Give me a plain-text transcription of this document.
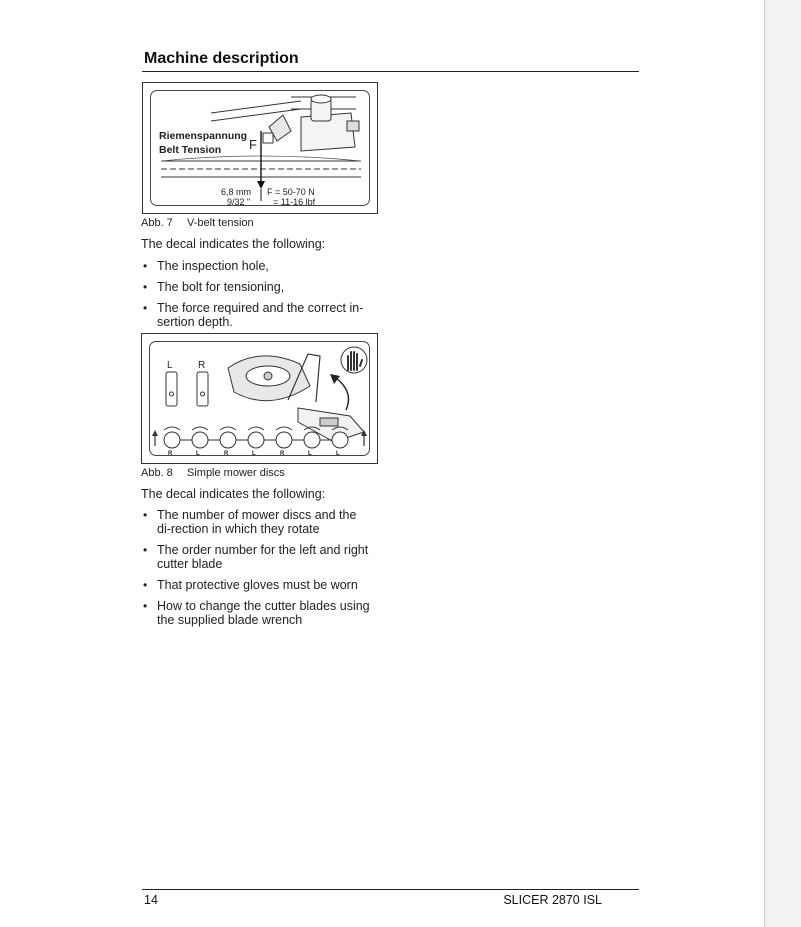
Machine description
Riemenspannung
Belt Tension F
6,8 mm
9/32 "
F = 50-70 N
= 11-16 lbf
Abb. 7 V-belt tension
The decal indicates the following:
• The inspection hole,
• The bolt for tensioning,
• The force required and the correct in-sertion depth.
L	R
R	L	R	L	R	L	L
Abb. 8 Simple mower discs
The decal indicates the following:
• The number of mower discs and the di-rection in which they rotate
• The order number for the left and right cutter blade
• That protective gloves must be worn
• How to change the cutter blades using the supplied blade wrench
14	SLICER 2870 ISL
